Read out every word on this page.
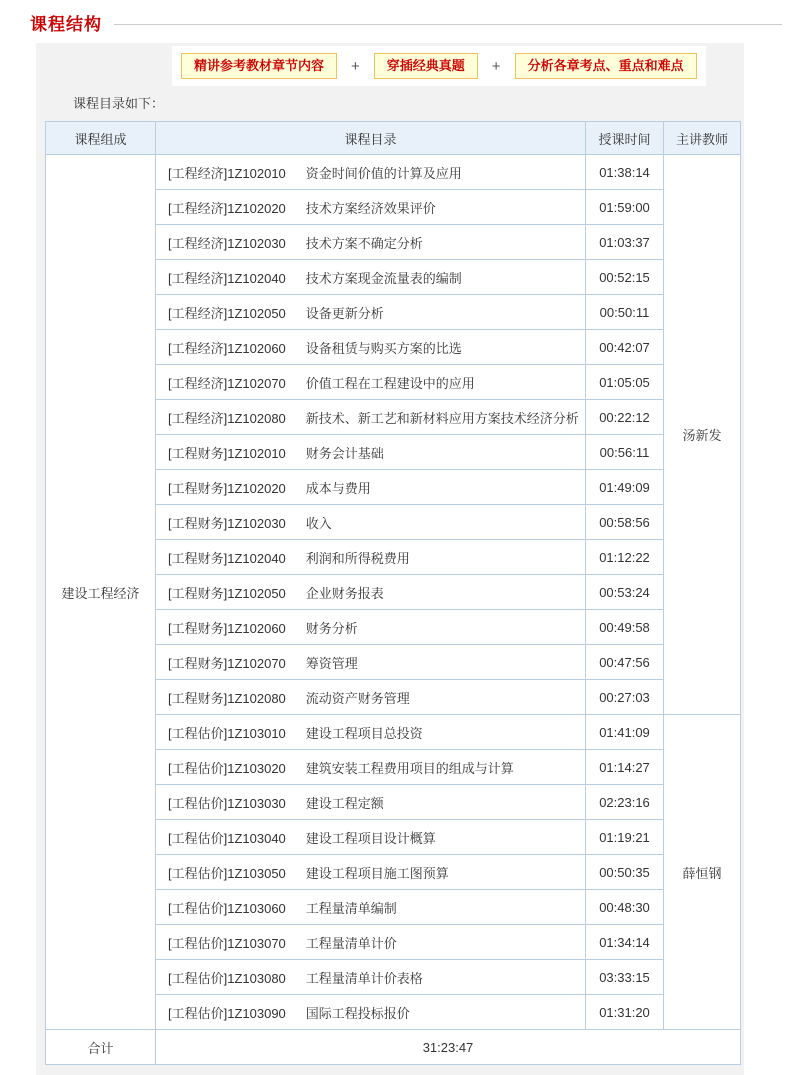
课程结构
精讲参考教材章节内容	+	穿插经典真题	+	分析各章考点、重点和难点
课程目录如下：
课程组成	课程目录	授课时间	主讲教师
建设工程经济	[工程经济]1Z102010 资金时间价值的计算及应用	01:38:14	汤新发
	[工程经济]1Z102020 技术方案经济效果评价	01:59:00	
	[工程经济]1Z102030 技术方案不确定分析	01:03:37	
	[工程经济]1Z102040 技术方案现金流量表的编制	00:52:15	
	[工程经济]1Z102050 设备更新分析	00:50:11	
	[工程经济]1Z102060 设备租赁与购买方案的比选	00:42:07	
	[工程经济]1Z102070 价值工程在工程建设中的应用	01:05:05	
	[工程经济]1Z102080 新技术、新工艺和新材料应用方案技术经济分析	00:22:12	
	[工程财务]1Z102010 财务会计基础	00:56:11	
	[工程财务]1Z102020 成本与费用	01:49:09	
	[工程财务]1Z102030 收入	00:58:56	
	[工程财务]1Z102040 利润和所得税费用	01:12:22	
	[工程财务]1Z102050 企业财务报表	00:53:24	
	[工程财务]1Z102060 财务分析	00:49:58	
	[工程财务]1Z102070 筹资管理	00:47:56	
	[工程财务]1Z102080 流动资产财务管理	00:27:03	
	[工程估价]1Z103010 建设工程项目总投资	01:41:09	薛恒钢
	[工程估价]1Z103020 建筑安装工程费用项目的组成与计算	01:14:27	
	[工程估价]1Z103030 建设工程定额	02:23:16	
	[工程估价]1Z103040 建设工程项目设计概算	01:19:21	
	[工程估价]1Z103050 建设工程项目施工图预算	00:50:35	
	[工程估价]1Z103060 工程量清单编制	00:48:30	
	[工程估价]1Z103070 工程量清单计价	01:34:14	
	[工程估价]1Z103080 工程量清单计价表格	03:33:15	
	[工程估价]1Z103090 国际工程投标报价	01:31:20	
合计	31:23:47		
